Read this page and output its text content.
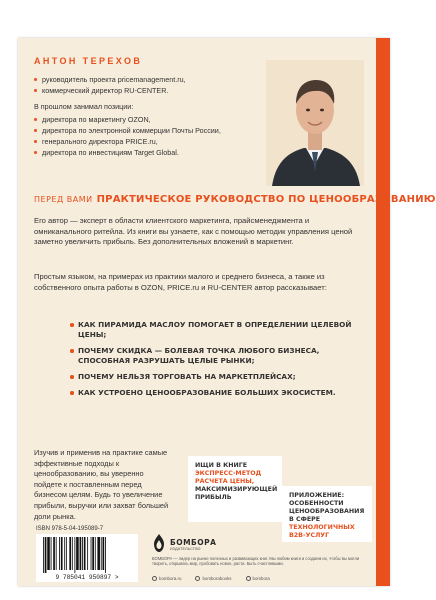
АНТОН ТЕРЕХОВ
руководитель проекта pricemanagement.ru,
коммерческий директор RU-CENTER.
В прошлом занимал позиции:
директора по маркетингу OZON,
директора по электронной коммерции Почты России,
генерального директора PRICE.ru,
директора по инвестициям Target Global.
ПЕРЕД ВАМИ ПРАКТИЧЕСКОЕ РУКОВОДСТВО ПО ЦЕНООБРАЗОВАНИЮ
Его автор — эксперт в области клиентского маркетинга, прайсменеджмента и омниканального ритейла. Из книги вы узнаете, как с помощью методик управления ценой заметно увеличить прибыль. Без дополнительных вложений в маркетинг.
Простым языком, на примерах из практики малого и среднего бизнеса, а также из собственного опыта работы в OZON, PRICE.ru и RU-CENTER автор рассказывает:
КАК ПИРАМИДА МАСЛОУ ПОМОГАЕТ В ОПРЕДЕЛЕНИИ ЦЕЛЕВОЙ ЦЕНЫ;
ПОЧЕМУ СКИДКА — БОЛЕВАЯ ТОЧКА ЛЮБОГО БИЗНЕСА, СПОСОБНАЯ РАЗРУШАТЬ ЦЕЛЫЕ РЫНКИ;
ПОЧЕМУ НЕЛЬЗЯ ТОРГОВАТЬ НА МАРКЕТПЛЕЙСАХ;
КАК УСТРОЕНО ЦЕНООБРАЗОВАНИЕ БОЛЬШИХ ЭКОСИСТЕМ.
Изучив и применив на практике самые эффективные подходы к ценообразованию, вы уверенно пойдете к поставленным перед бизнесом целям. Будь то увеличение прибыли, выручки или захват большей доли рынка.
ИЩИ В КНИГЕ ЭКСПРЕСС-МЕТОД РАСЧЕТА ЦЕНЫ, МАКСИМИЗИРУЮЩЕЙ ПРИБЫЛЬ	ПРИЛОЖЕНИЕ: ОСОБЕННОСТИ ЦЕНООБРАЗОВАНИЯ В СФЕРЕ ТЕХНОЛОГИЧНЫХ B2B-УСЛУГ
ISBN 978-5-04-195089-7
9 785041 950897 >
БОМБОРА
ИЗДАТЕЛЬСТВО
БОМБОРА — лидер на рынке полезных и развивающих книг. Мы любим книги и создаем их, чтобы вы могли творить, открывать мир, пробовать новое, расти. Быть счастливыми.
bombora.ru	bomborabooks	bombora
